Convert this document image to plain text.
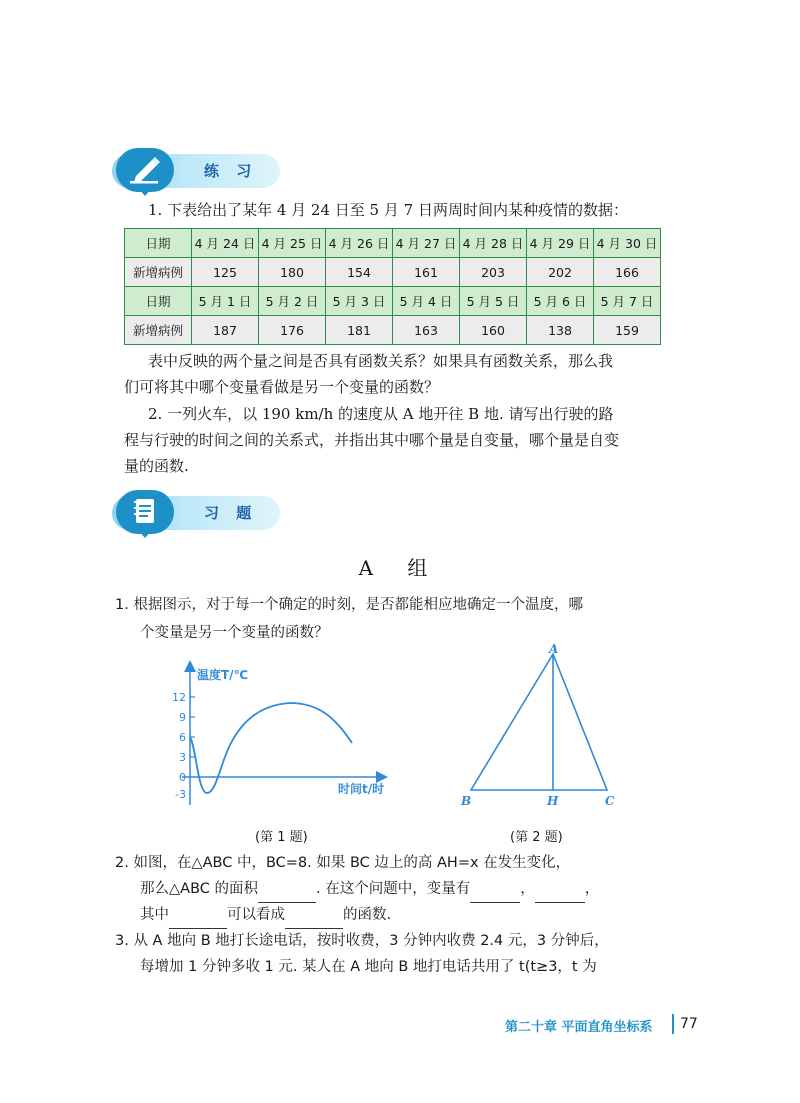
练 习
1. 下表给出了某年 4 月 24 日至 5 月 7 日两周时间内某种疫情的数据：
日期	4 月 24 日	4 月 25 日	4 月 26 日	4 月 27 日	4 月 28 日	4 月 29 日	4 月 30 日
新增病例	125	180	154	161	203	202	166
日期	5 月 1 日	5 月 2 日	5 月 3 日	5 月 4 日	5 月 5 日	5 月 6 日	5 月 7 日
新增病例	187	176	181	163	160	138	159
表中反映的两个量之间是否具有函数关系？如果具有函数关系，那么我
们可将其中哪个变量看做是另一个变量的函数？
2. 一列火车，以 190 km/h 的速度从 A 地开往 B 地. 请写出行驶的路
程与行驶的时间之间的关系式，并指出其中哪个量是自变量，哪个量是自变
量的函数.
习 题
A 组
1. 根据图示，对于每一个确定的时刻，是否都能相应地确定一个温度，哪
个变量是另一个变量的函数？
温度T/℃
时间t/时
12
9
6
3
0
-3
(第 1 题)
A
B	H	C
(第 2 题)
2. 如图，在△ABC 中，BC=8. 如果 BC 边上的高 AH=x 在发生变化，
那么△ABC 的面积	. 在这个问题中，变量有	，	，
其中	可以看成	的函数.
3. 从 A 地向 B 地打长途电话，按时收费，3 分钟内收费 2.4 元，3 分钟后，
每增加 1 分钟多收 1 元. 某人在 A 地向 B 地打电话共用了 t(t≥3，t 为
第二十章 平面直角坐标系 77
